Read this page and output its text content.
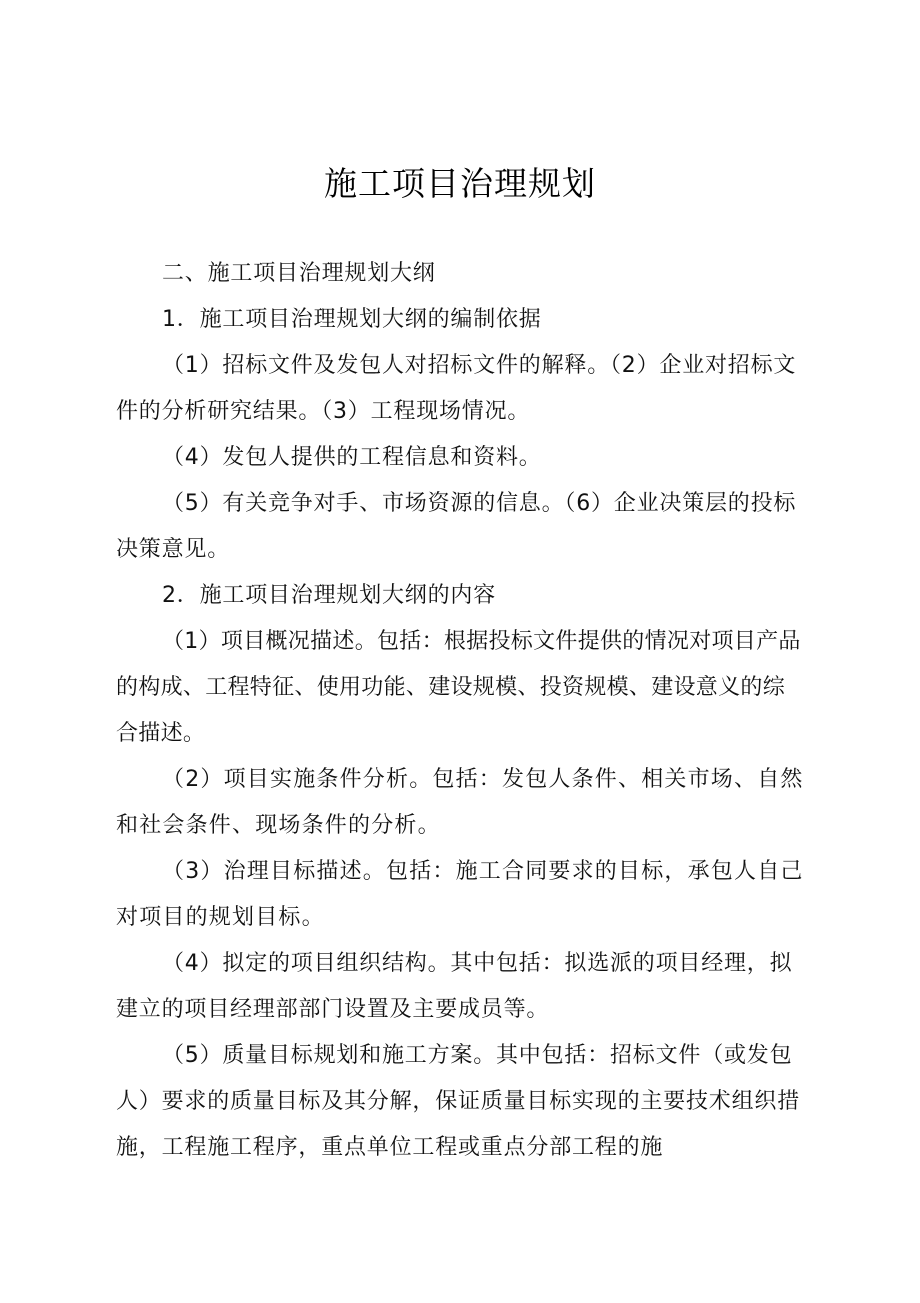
施工项目治理规划

二、施工项目治理规划大纲

1．施工项目治理规划大纲的编制依据

（1）招标文件及发包人对招标文件的解释。（2）企业对招标文件的分析研究结果。（3）工程现场情况。

（4）发包人提供的工程信息和资料。

（5）有关竞争对手、市场资源的信息。（6）企业决策层的投标决策意见。

2．施工项目治理规划大纲的内容

（1）项目概况描述。包括：根据投标文件提供的情况对项目产品的构成、工程特征、使用功能、建设规模、投资规模、建设意义的综合描述。

（2）项目实施条件分析。包括：发包人条件、相关市场、自然和社会条件、现场条件的分析。

（3）治理目标描述。包括：施工合同要求的目标，承包人自己对项目的规划目标。

（4）拟定的项目组织结构。其中包括：拟选派的项目经理，拟建立的项目经理部部门设置及主要成员等。

（5）质量目标规划和施工方案。其中包括：招标文件（或发包人）要求的质量目标及其分解，保证质量目标实现的主要技术组织措施，工程施工程序，重点单位工程或重点分部工程的施
